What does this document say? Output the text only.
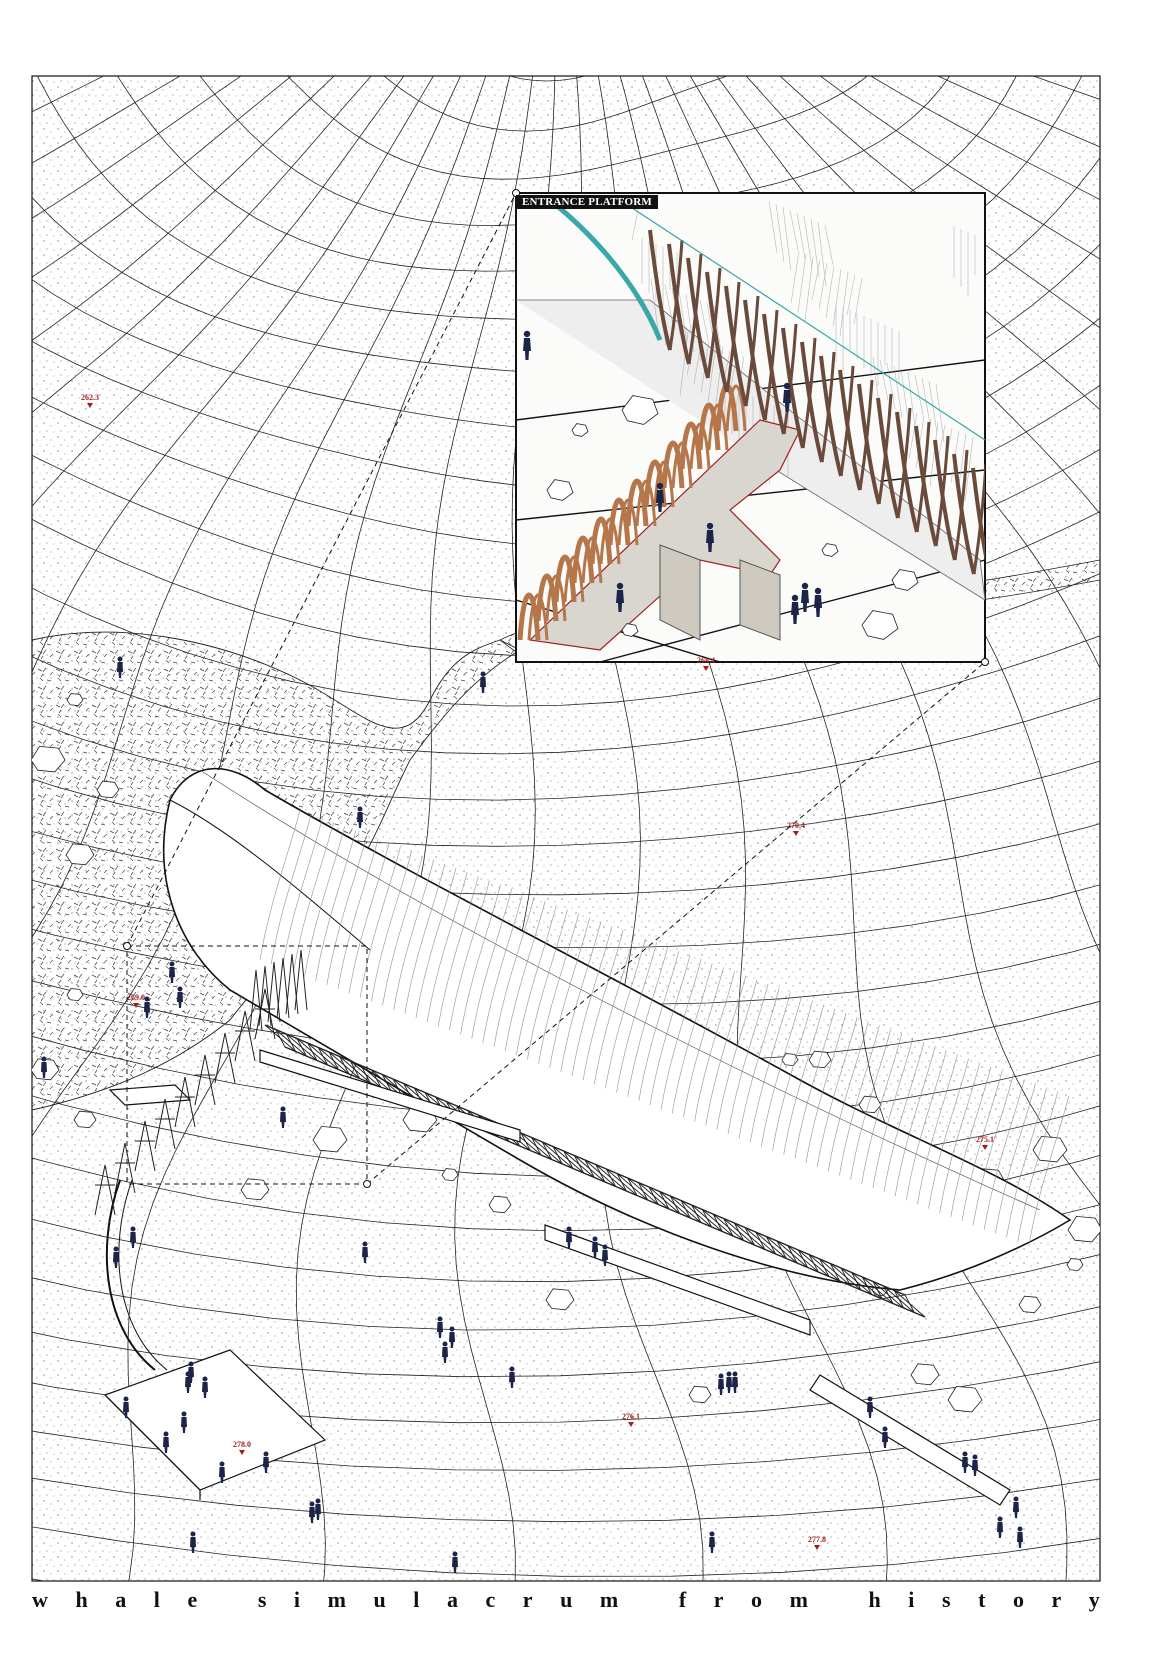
ENTRANCE PLATFORM
262.3
269.0
268.4
270.4
275.1
276.1
278.0
277.8
w h a l e
	s i m u l a c r u m
	f r o m
	h i s t o r y
